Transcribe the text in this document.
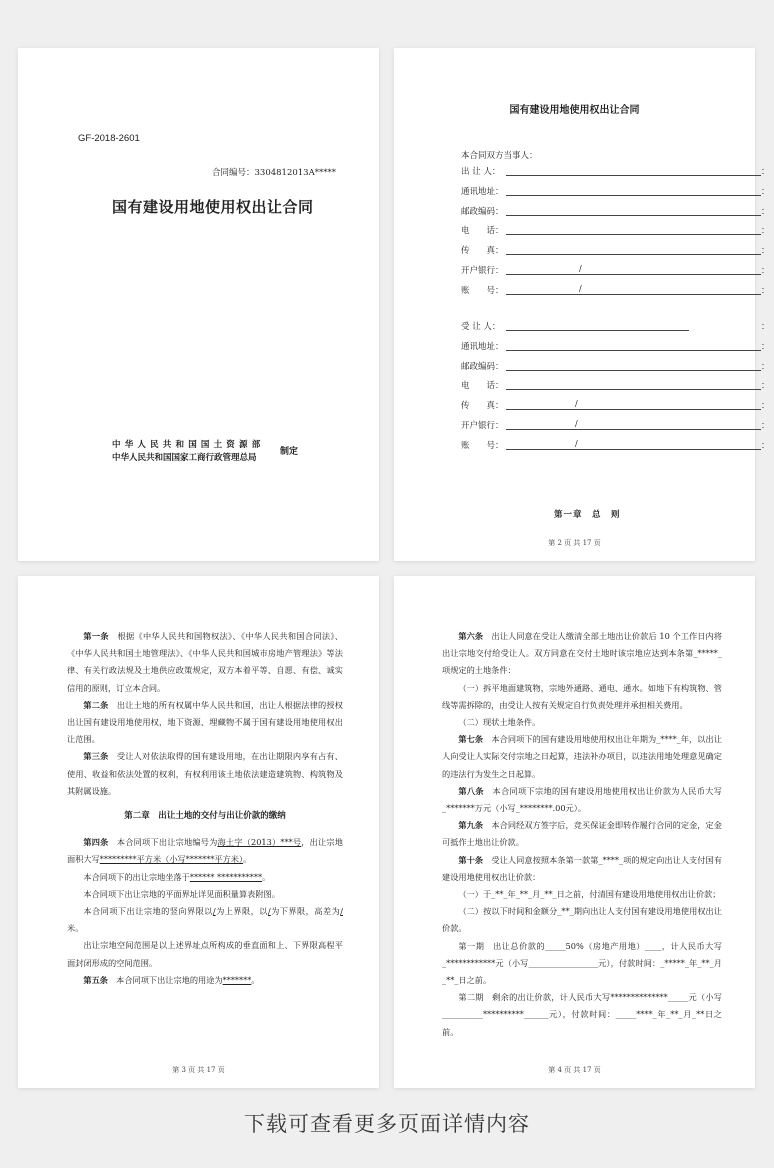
GF-2018-2601
合同编号：3304812013A*****
国有建设用地使用权出让合同
中华人民共和国国土资源部
中华人民共和国国家工商行政管理总局
制定
国有建设用地使用权出让合同
本合同双方当事人：
出 让 人：	：
通讯地址：	：
邮政编码：	：
电　　话：	：
传　　真：	：
开户银行：	/	：
账　　号：	/	：
受 让 人：	：
通讯地址：	：
邮政编码：	：
电　　话：	：
传　　真：	/	：
开户银行：	/	：
账　　号：	/	：
第一章　总　则
第 2 页 共 17 页

第一条　 根据《中华人民共和国物权法》、《中华人民共和国合同法》、《中华人民共和国土地管理法》、《中华人民共和国城市房地产管理法》等法律、有关行政法规及土地供应政策规定，双方本着平等、自愿、有偿、诚实信用的原则，订立本合同。

第二条　 出让土地的所有权属中华人民共和国，出让人根据法律的授权出让国有建设用地使用权，地下资源、埋藏物不属于国有建设用地使用权出让范围。

第三条　 受让人对依法取得的国有建设用地，在出让期限内享有占有、使用、收益和依法处置的权利，有权利用该土地依法建造建筑物、构筑物及其附属设施。

第二章　出让土地的交付与出让价款的缴纳

第四条　 本合同项下出让宗地编号为海土字（2013）***号，出让宗地面积大写*********平方米（小写*******平方米）。

本合同项下的出让宗地坐落于****** ***********。

本合同项下出让宗地的平面界址详见面积量算表附图。

本合同项下出让宗地的竖向界限以/为上界限，以/为下界限，高差为/米。

出让宗地空间范围是以上述界址点所构成的垂直面和上、下界限高程平面封闭形成的空间范围。

第五条　 本合同项下出让宗地的用途为*******。

第 3 页 共 17 页

第六条　 出让人同意在受让人缴清全部土地出让价款后 10 个工作日内将出让宗地交付给受让人。双方同意在交付土地时该宗地应达到本条第_*****_项规定的土地条件：

（一）拆平地面建筑物，宗地外通路、通电、通水。如地下有构筑物、管线等需拆除的，由受让人按有关规定自行负责处理并承担相关费用。

（二）现状土地条件。

第七条　 本合同项下的国有建设用地使用权出让年期为_****_年，以出让人向受让人实际交付宗地之日起算，违法补办项目，以违法用地处理意见确定的违法行为发生之日起算。

第八条　 本合同项下宗地的国有建设用地使用权出让价款为人民币大写_*******万元（小写_********.00元）。

第九条　 本合同经双方签字后，竞买保证金即转作履行合同的定金，定金可抵作土地出让价款。

第十条　 受让人同意按照本条第一款第_****_项的规定向出让人支付国有建设用地使用权出让价款：

（一）于_**_年_**_月_**_日之前，付清国有建设用地使用权出让价款；

（二）按以下时间和金额分_**_期向出让人支付国有建设用地使用权出让价款。

第一期　出让总价款的_____50%（房地产用地）____，计人民币大写_************元（小写_________________元），付款时间：_*****_年_**_月_**_日之前。

第二期　剩余的出让价款，计人民币大写**************_____元（小写__________**********______元），付款时间：_____****_年_**_月_**日之前。

第 4 页 共 17 页
下载可查看更多页面详情内容
